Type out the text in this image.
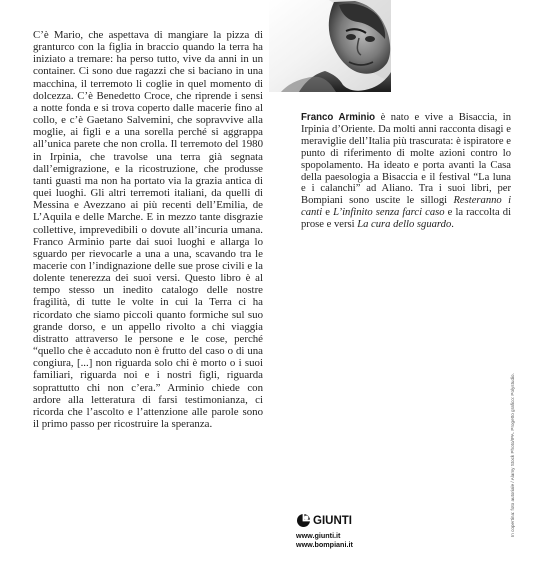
C’è Mario, che aspettava di mangiare la pizza di granturco con la figlia in braccio quando la terra ha iniziato a tremare: ha perso tutto, vive da anni in un container. Ci sono due ragazzi che si baciano in una macchina, il terremoto li coglie in quel momento di dolcezza. C’è Benedetto Croce, che riprende i sensi a notte fonda e si trova coperto dalle macerie fino al collo, e c’è Gaetano Salvemini, che sopravvive alla moglie, ai figli e a una sorella perché si aggrappa all’unica parete che non crolla. Il terremoto del 1980 in Irpinia, che travolse una terra già segnata dall’emigrazione, e la ricostruzione, che produsse tanti guasti ma non ha portato via la grazia antica di quei luoghi. Gli altri terremoti italiani, da quelli di Messina e Avezzano ai più recenti dell’Emilia, de L’Aquila e delle Marche. E in mezzo tante disgrazie collettive, imprevedibili o dovute all’incuria umana. Franco Arminio parte dai suoi luoghi e allarga lo sguardo per rievocarle a una a una, scavando tra le macerie con l’indignazione delle sue prose civili e la dolente tenerezza dei suoi versi. Questo libro è al tempo stesso un inedito catalogo delle nostre fragilità, di tutte le volte in cui la Terra ci ha ricordato che siamo piccoli quanto formiche sul suo grande dorso, e un appello rivolto a chi viaggia distratto attraverso le persone e le cose, perché “quello che è accaduto non è frutto del caso o di una congiura, [...] non riguarda solo chi è morto o i suoi familiari, riguarda noi e i nostri figli, riguarda soprattutto chi non c’era.” Arminio chiede con ardore alla letteratura di farsi testimonianza, ci ricorda che l’ascolto e l’attenzione alle parole sono il primo passo per ricostruire la speranza.

Franco Arminio è nato e vive a Bisaccia, in Irpinia d’Oriente. Da molti anni racconta disagi e meraviglie dell’Italia più trascurata: è ispiratore e punto di riferimento di molte azioni contro lo spopolamento. Ha ideato e porta avanti la Casa della paesologia a Bisaccia e il festival “La luna e i calanchi” ad Aliano. Tra i suoi libri, per Bompiani sono uscite le sillogi Resteranno i canti e L’infinito senza farci caso e la raccolta di prose e versi La cura dello sguardo.

GIUNTI
www.giunti.it
www.bompiani.it
In copertina: foto autoriale / Alamy Stock Photo/IPA. Progetto grafico: Polystudio.
